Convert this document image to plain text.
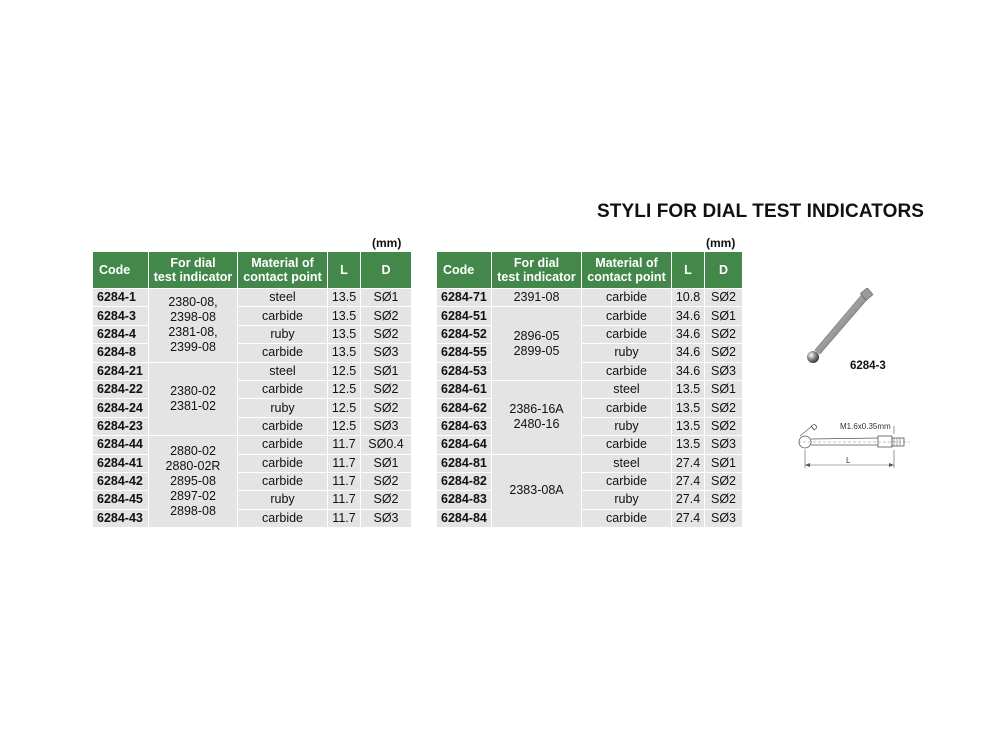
STYLI FOR DIAL TEST INDICATORS
(mm)	(mm)
Code	For dial
test indicator	Material of
contact point	L	D
6284-1	2380-08,
2398-08
2381-08,
2399-08	steel	13.5	SØ1
6284-3		carbide	13.5	SØ2
6284-4		ruby	13.5	SØ2
6284-8		carbide	13.5	SØ3
6284-21	2380-02
2381-02	steel	12.5	SØ1
6284-22		carbide	12.5	SØ2
6284-24		ruby	12.5	SØ2
6284-23		carbide	12.5	SØ3
6284-44	2880-02
2880-02R
2895-08
2897-02
2898-08	carbide	11.7	SØ0.4
6284-41		carbide	11.7	SØ1
6284-42		carbide	11.7	SØ2
6284-45		ruby	11.7	SØ2
6284-43		carbide	11.7	SØ3
Code	For dial
test indicator	Material of
contact point	L	D
6284-71	2391-08	carbide	10.8	SØ2
6284-51	2896-05
2899-05	carbide	34.6	SØ1
6284-52		carbide	34.6	SØ2
6284-55		ruby	34.6	SØ2
6284-53		carbide	34.6	SØ3
6284-61	2386-16A
2480-16	steel	13.5	SØ1
6284-62		carbide	13.5	SØ2
6284-63		ruby	13.5	SØ2
6284-64		carbide	13.5	SØ3
6284-81	2383-08A	steel	27.4	SØ1
6284-82		carbide	27.4	SØ2
6284-83		ruby	27.4	SØ2
6284-84		carbide	27.4	SØ3
6284-3
D	M1.6x0.35mm
L
